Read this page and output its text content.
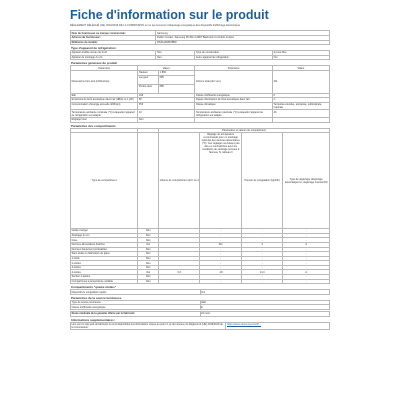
Fiche d'information sur le produit
RÈGLEMENT DÉLÉGUÉ (UE) 2019/2016 DE LA COMMISSION en ce qui concerne l'étiquetage énergétique des dispositifs d'affichage électronique
Nom du fournisseur ou marque commerciale:	Samsung
Adresse du fournisseur:	Public Contact, Samsung PO Box 12987 Blackrock Co.Dublin Ireland
Référence du modèle:	RS3A-RR80HBW
Type d'appareil de réfrigération:
Appareil à faible niveau de bruit:	Non	Type de construction:	à pose libre
Appareil de stockage du vin:	Non	Autre appareil de réfrigération:	Oui
Paramètres généraux du produit
Paramètre	Valeur		Paramètre	Valeur
Dimensions hors tout (millimètres)	Hauteur	1 860	Volume total (dm³ ou l)	311
	Lar-geur	595		
	Profon-deur	685		
IEE	108		Classe d'efficacité énergétique	F
Émissions de bruit acoustique dans l'air (dB(A) re 1 pW)	38		Classe d'émissions de bruit acoustique dans l'air	C
Consommation d'énergie annuelle (kWh/an)	353		Classe climatique:	Tempérée étendue, tempérée, subtropicale, tropicale
Température ambiante minimale (°C) à laquelle l'appareil de réfrigération est adapté	10		Température ambiante maximale (°C) à laquelle l'appareil de réfrigération est adapté	43
Réglage hiver	Non			
Paramètres des compartiments
		Paramètres et valeurs de compartiment			
Type de compartiment		Volume de compartiment (dm³ ou l)	Réglage de température recommandé pour un stockage optimisé des denrées alimentaires (°C). Ces réglages ne doivent pas être en contradiction avec les conditions de stockage prévues à l'annexe IV, tableau 3	Pouvoir de congélation (kg/24h)	Type de dégivrage (dégivrage automatique=A, dégivrage manuel=M)
Garde-manger	Non		-	-	-
Stockage du vin	Non		-	-	-
Cave	Non		-	-	-
Denrées alimentaires fraîches	Oui		311	4	A
Denrées hautement périssables	Non		-	-	-
Sans étoile ou fabrication de glace	Non		-	-	-
1 étoile	Non		-	-	-
2 étoiles	Non		-	-	-
3 étoiles	Non		-	-	-
4 étoiles	Oui	0,0	-18	14,4	A
Section 2 étoiles	Non		-	-	-
Compartiment à température variable	Non		-	-	-
Compartiments "quatre étoiles"
Dispositif de congélation rapide	Oui
Paramètres de la source lumineuse
Type de source lumineuse	LED
Classe d'efficacité énergétique	E
Durée minimale de la garantie offerte par le fabricant:	24 mois
Informations supplémentaires:
Lien vers le site web du fabricant où sont disponibles les informations visées au point 4, a) de l'annexe du Règlement (UE) 2019/2019 de la Commission:	https://www.samsung.com/fr/...
